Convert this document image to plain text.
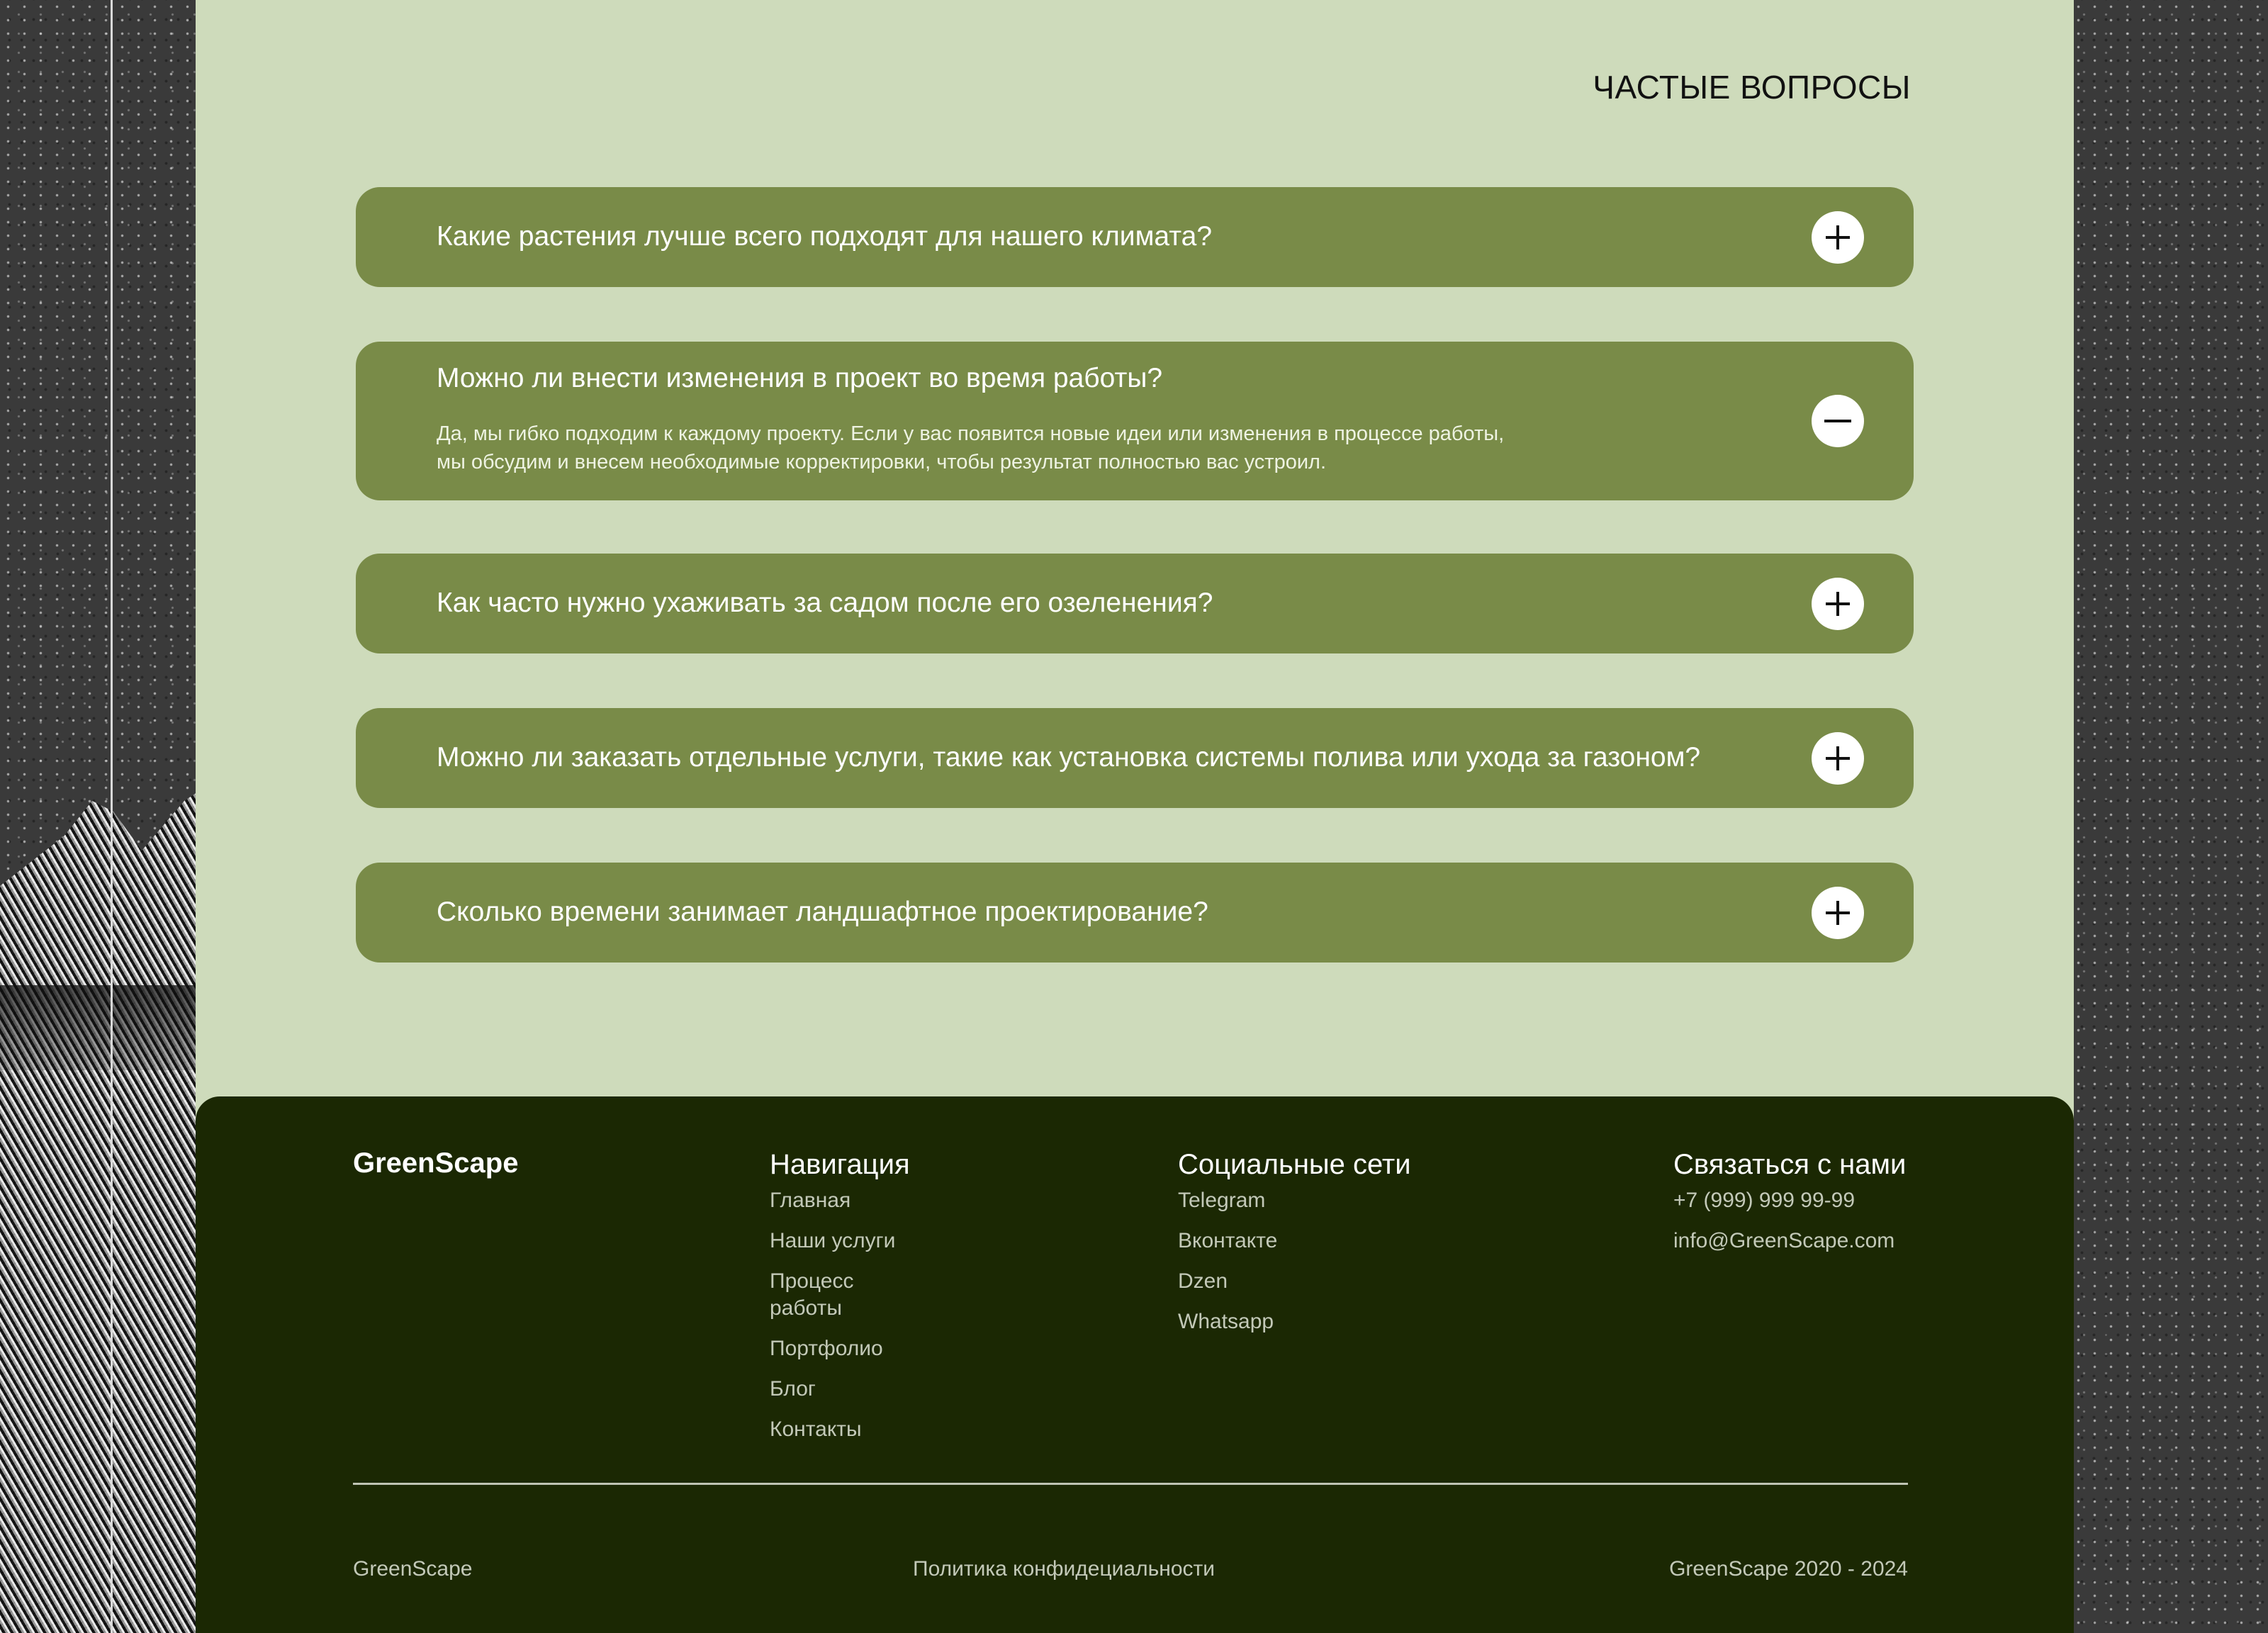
ЧАСТЫЕ ВОПРОСЫ
Какие растения лучше всего подходят для нашего климата?
Можно ли внести изменения в проект во время работы?

Да, мы гибко подходим к каждому проекту. Если у вас появится новые идеи или изменения в процессе работы,
мы обсудим и внесем необходимые корректировки, чтобы результат полностью вас устроил.

Как часто нужно ухаживать за садом после его озеленения?
Можно ли заказать отдельные услуги, такие как установка системы полива или ухода за газоном?
Сколько времени занимает ландшафтное проектирование?
GreenScape	Навигация
Главная
Наши услуги
Процесс работы
Портфолио
Блог
Контакты
Социальные сети
Telegram
Вконтакте
Dzen
Whatsapp
Связаться с нами
+7 (999) 999 99-99
info@GreenScape.com
GreenScape	Политика конфидециальности	GreenScape 2020 - 2024
